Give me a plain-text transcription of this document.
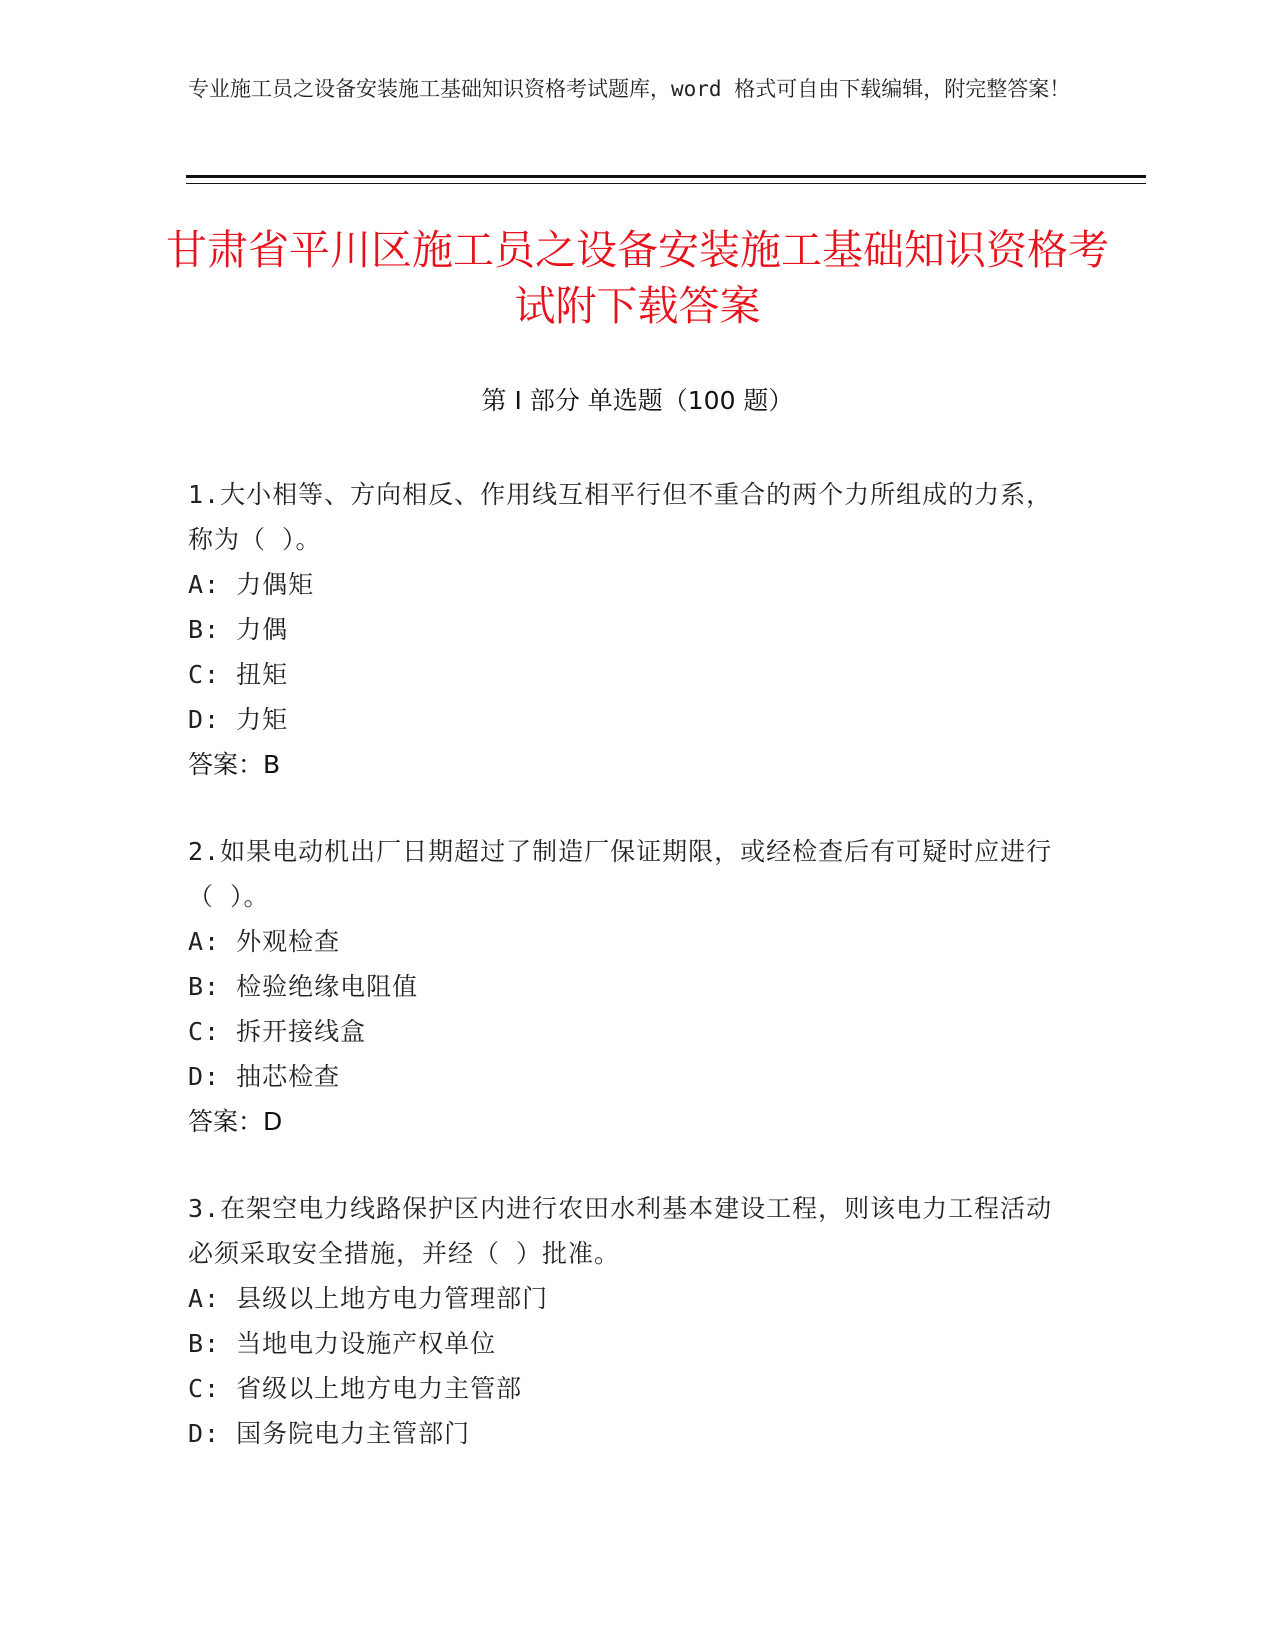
专业施工员之设备安装施工基础知识资格考试题库，word 格式可自由下载编辑，附完整答案！
甘肃省平川区施工员之设备安装施工基础知识资格考试附下载答案
第 I 部分 单选题（100 题）
1.大小相等、方向相反、作用线互相平行但不重合的两个力所组成的力系，称为（ ）。
A: 力偶矩
B: 力偶
C: 扭矩
D: 力矩
答案：B
2.如果电动机出厂日期超过了制造厂保证期限，或经检查后有可疑时应进行（ ）。
A: 外观检查
B: 检验绝缘电阻值
C: 拆开接线盒
D: 抽芯检查
答案：D
3.在架空电力线路保护区内进行农田水利基本建设工程，则该电力工程活动必须采取安全措施，并经（ ）批准。
A: 县级以上地方电力管理部门
B: 当地电力设施产权单位
C: 省级以上地方电力主管部
D: 国务院电力主管部门
